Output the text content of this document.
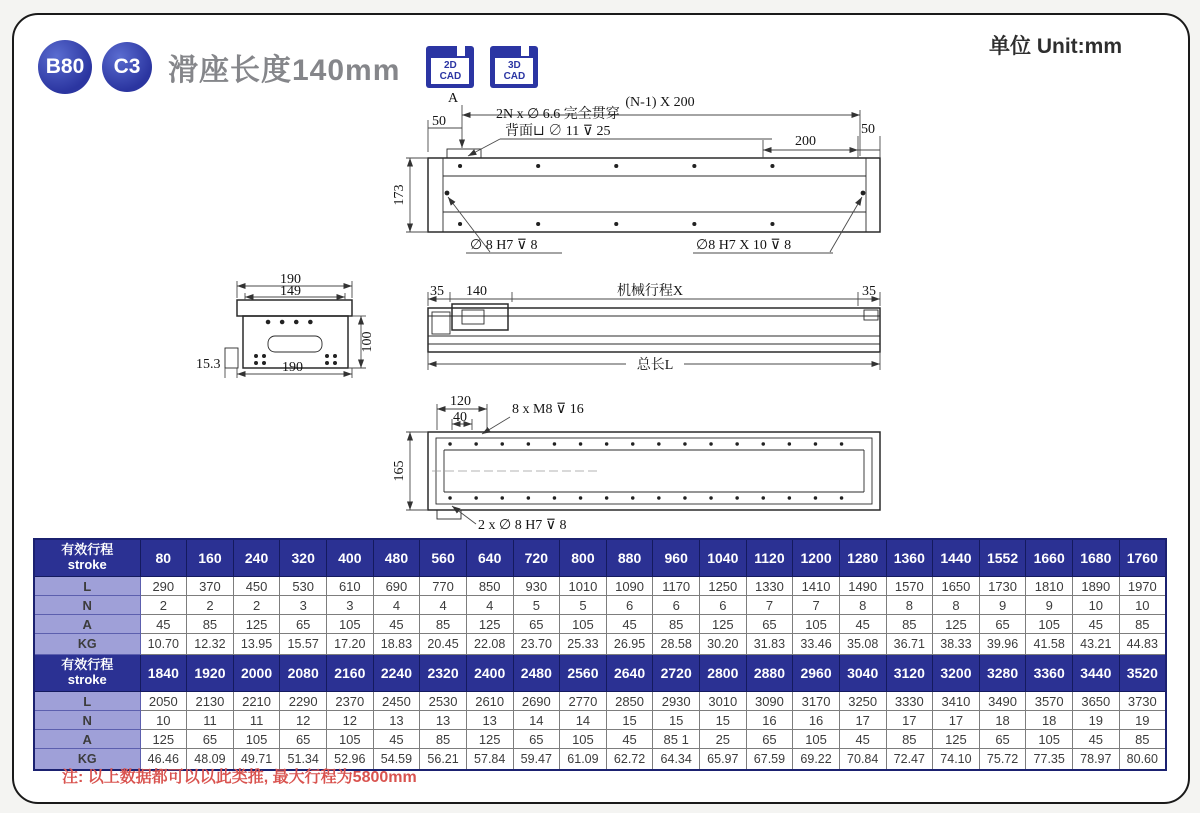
B80	C3 滑座长度140mm	2D
CAD
3D
CAD
单位 Unit:mm
173
A	(N-1) X 200
50	2N x ∅ 6.6 完全贯穿
背面⊔ ∅ 11 ⊽ 25
200
50
∅ 8 H7 ⊽ 8	∅8 H7 X 10 ⊽ 8
190
149
100
15.3	190
35 140	机械行程X	35
总长L
120
40
8 x M8 ⊽ 16
165
2 x ∅ 8 H7 ⊽ 8
有效行程
stroke	80	160	240	320	400	480	560	640	720	800	880	960	1040	1120	1200	1280	1360	1440	1552	1660	1680	1760
L	290	370	450	530	610	690	770	850	930	1010	1090	1170	1250	1330	1410	1490	1570	1650	1730	1810	1890	1970
N	2	2	2	3	3	4	4	4	5	5	6	6	6	7	7	8	8	8	9	9	10	10
A	45	85	125	65	105	45	85	125	65	105	45	85	125	65	105	45	85	125	65	105	45	85
KG	10.70	12.32	13.95	15.57	17.20	18.83	20.45	22.08	23.70	25.33	26.95	28.58	30.20	31.83	33.46	35.08	36.71	38.33	39.96	41.58	43.21	44.83

有效行程
stroke	1840	1920	2000	2080	2160	2240	2320	2400	2480	2560	2640	2720	2800	2880	2960	3040	3120	3200	3280	3360	3440	3520
L	2050	2130	2210	2290	2370	2450	2530	2610	2690	2770	2850	2930	3010	3090	3170	3250	3330	3410	3490	3570	3650	3730
N	10	11	11	12	12	13	13	13	14	14	15	15	15	16	16	17	17	17	18	18	19	19
A	125	65	105	65	105	45	85	125	65	105	45	85 1	25	65	105	45	85	125	65	105	45	85
KG	46.46	48.09	49.71	51.34	52.96	54.59	56.21	57.84	59.47	61.09	62.72	64.34	65.97	67.59	69.22	70.84	72.47	74.10	75.72	77.35	78.97	80.60
注: 以上数据都可以以此类推, 最大行程为5800mm
